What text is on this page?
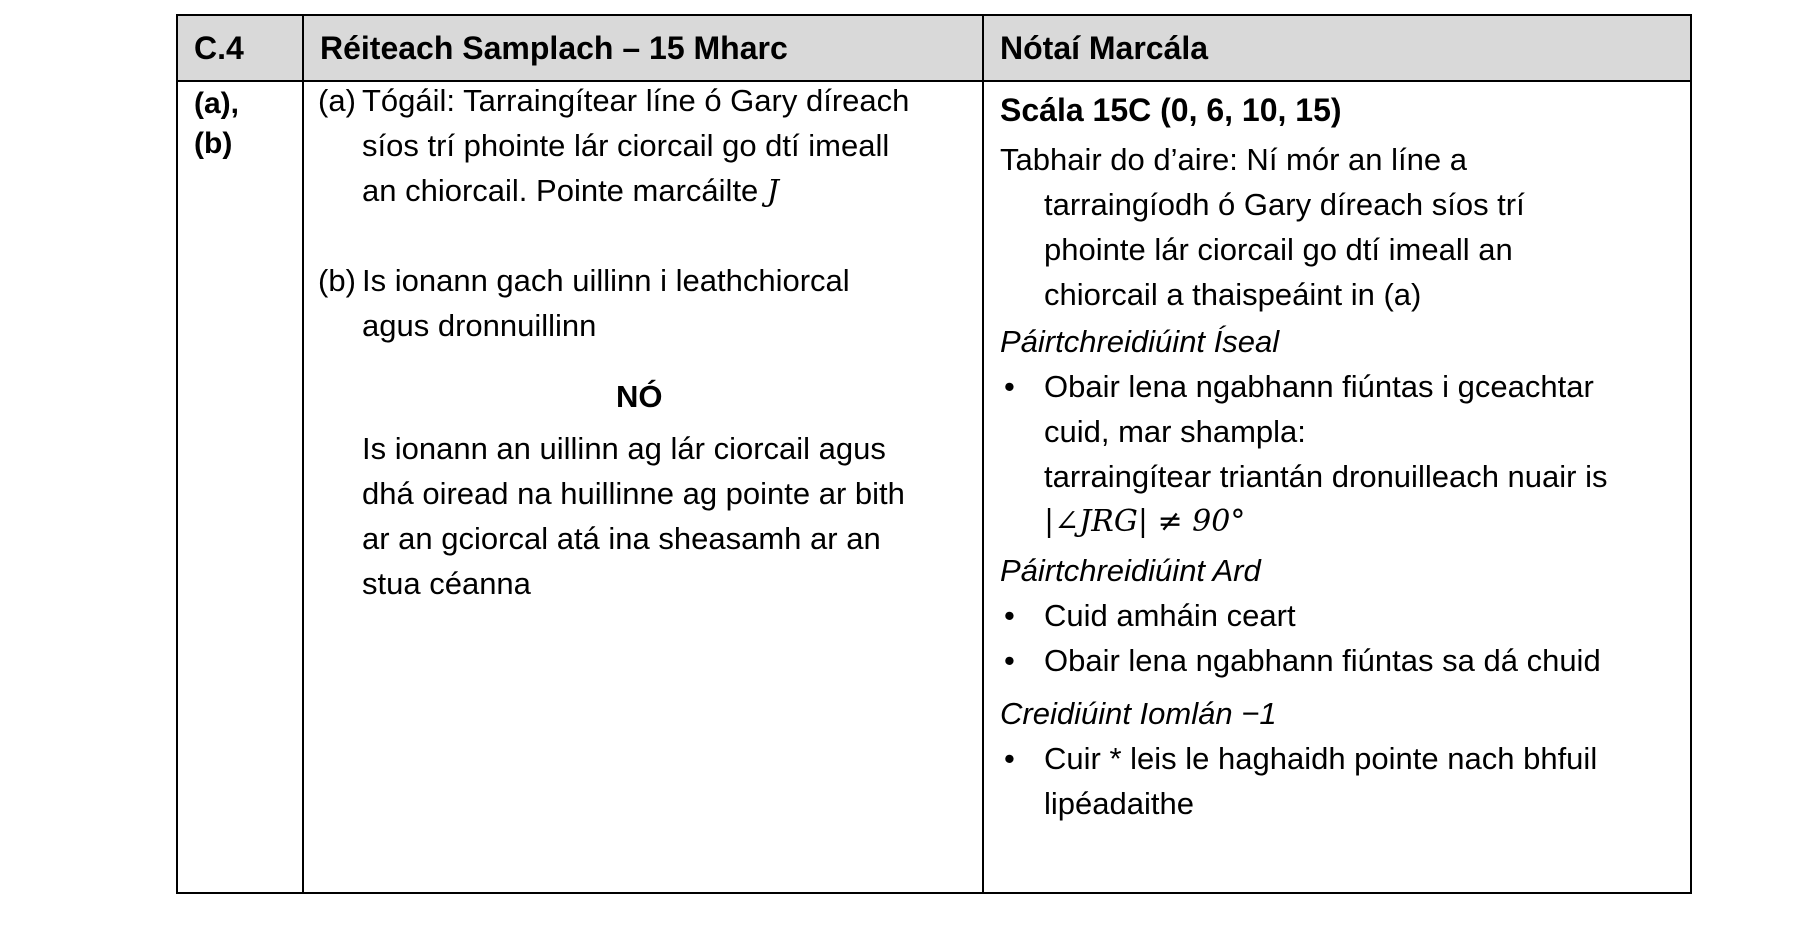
C.4 Réiteach Samplach – 15 Mharc	Nótaí Marcála
(a),
(b)
(a) Tógáil: Tarraingítear líne ó Gary díreach
síos trí phointe lár ciorcail go dtí imeall
an chiorcail. Pointe marcáilte J
(b) Is ionann gach uillinn i leathchiorcal
agus dronnuillinn
NÓ
Is ionann an uillinn ag lár ciorcail agus
dhá oiread na huillinne ag pointe ar bith
ar an gciorcal atá ina sheasamh ar an
stua céanna
Scála 15C (0, 6, 10, 15)
Tabhair do d’aire: Ní mór an líne a
tarraingíodh ó Gary díreach síos trí
phointe lár ciorcail go dtí imeall an
chiorcail a thaispeáint in (a)
Páirtchreidiúint Íseal
• Obair lena ngabhann fiúntas i gceachtar
cuid, mar shampla:
tarraingítear triantán dronuilleach nuair is
|∠JRG| ≠ 90°
Páirtchreidiúint Ard
• Cuid amháin ceart
• Obair lena ngabhann fiúntas sa dá chuid
Creidiúint Iomlán −1
• Cuir * leis le haghaidh pointe nach bhfuil
lipéadaithe
